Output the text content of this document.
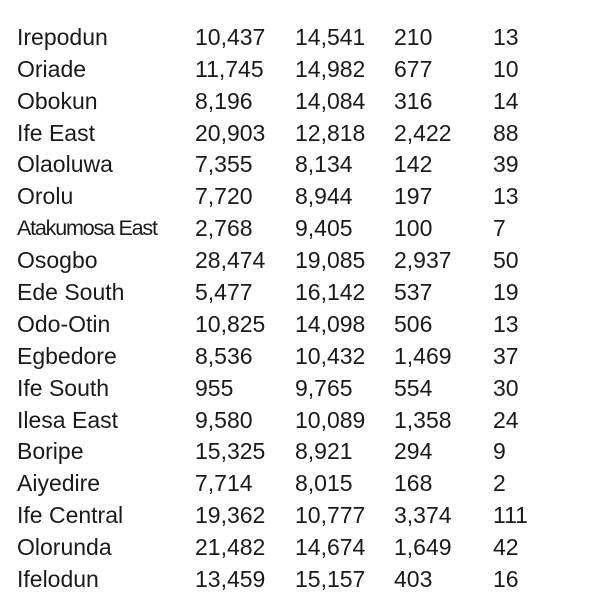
Irepodun	10,437 14,541 210	13
Oriade	11,745 14,982 677	10
Obokun	8,196 14,084 316	14
Ife East	20,903 12,818 2,422 88
Olaoluwa	7,355 8,134 142	39
Orolu	7,720 8,944 197	13
Atakumosa East 2,768 9,405 100	7
Osogbo	28,474 19,085 2,937 50
Ede South	5,477 16,142 537	19
Odo-Otin	10,825 14,098 506	13
Egbedore	8,536 10,432 1,469 37
Ife South	955	9,765 554	30
Ilesa East	9,580 10,089 1,358 24
Boripe	15,325 8,921 294	9
Aiyedire	7,714 8,015 168	2
Ife Central	19,362 10,777 3,374 111
Olorunda	21,482 14,674 1,649 42
Ifelodun	13,459 15,157 403	16
